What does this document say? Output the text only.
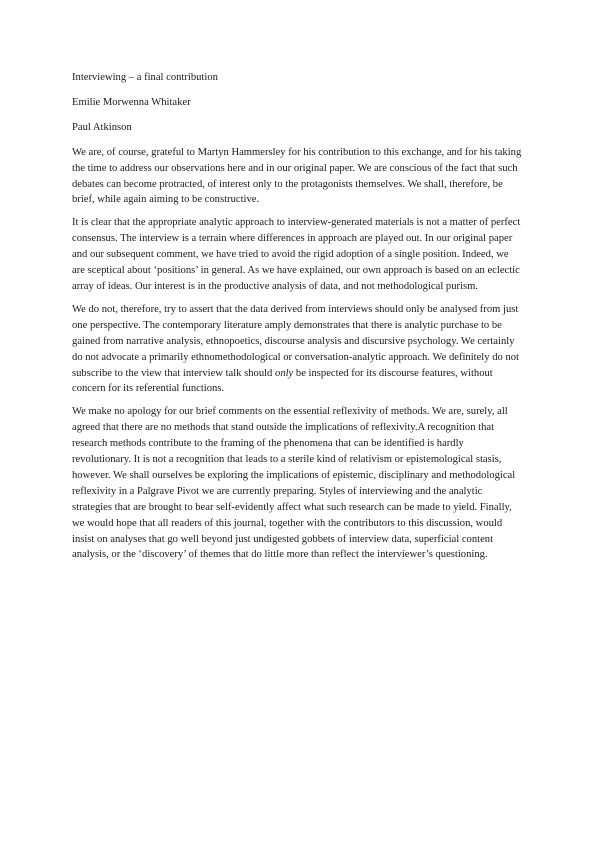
Interviewing – a final contribution
Emilie Morwenna Whitaker
Paul Atkinson

We are, of course, grateful to Martyn Hammersley for his contribution to this exchange, and for his taking the time to address our observations here and in our original paper. We are conscious of the fact that such debates can become protracted, of interest only to the protagonists themselves. We shall, therefore, be brief, while again aiming to be constructive.

It is clear that the appropriate analytic approach to interview-generated materials is not a matter of perfect consensus. The interview is a terrain where differences in approach are played out. In our original paper and our subsequent comment, we have tried to avoid the rigid adoption of a single position. Indeed, we are sceptical about ‘positions’ in general. As we have explained, our own approach is based on an eclectic array of ideas. Our interest is in the productive analysis of data, and not methodological purism.

We do not, therefore, try to assert that the data derived from interviews should only be analysed from just one perspective. The contemporary literature amply demonstrates that there is analytic purchase to be gained from narrative analysis, ethnopoetics, discourse analysis and discursive psychology. We certainly do not advocate a primarily ethnomethodological or conversation-analytic approach. We definitely do not subscribe to the view that interview talk should only be inspected for its discourse features, without concern for its referential functions.

We make no apology for our brief comments on the essential reflexivity of methods. We are, surely, all agreed that there are no methods that stand outside the implications of reflexivity.A recognition that research methods contribute to the framing of the phenomena that can be identified is hardly revolutionary. It is not a recognition that leads to a sterile kind of relativism or epistemological stasis, however. We shall ourselves be exploring the implications of epistemic, disciplinary and methodological reflexivity in a Palgrave Pivot we are currently preparing. Styles of interviewing and the analytic strategies that are brought to bear self-evidently affect what such research can be made to yield. Finally, we would hope that all readers of this journal, together with the contributors to this discussion, would insist on analyses that go well beyond just undigested gobbets of interview data, superficial content analysis, or the ‘discovery’ of themes that do little more than reflect the interviewer’s questioning.
